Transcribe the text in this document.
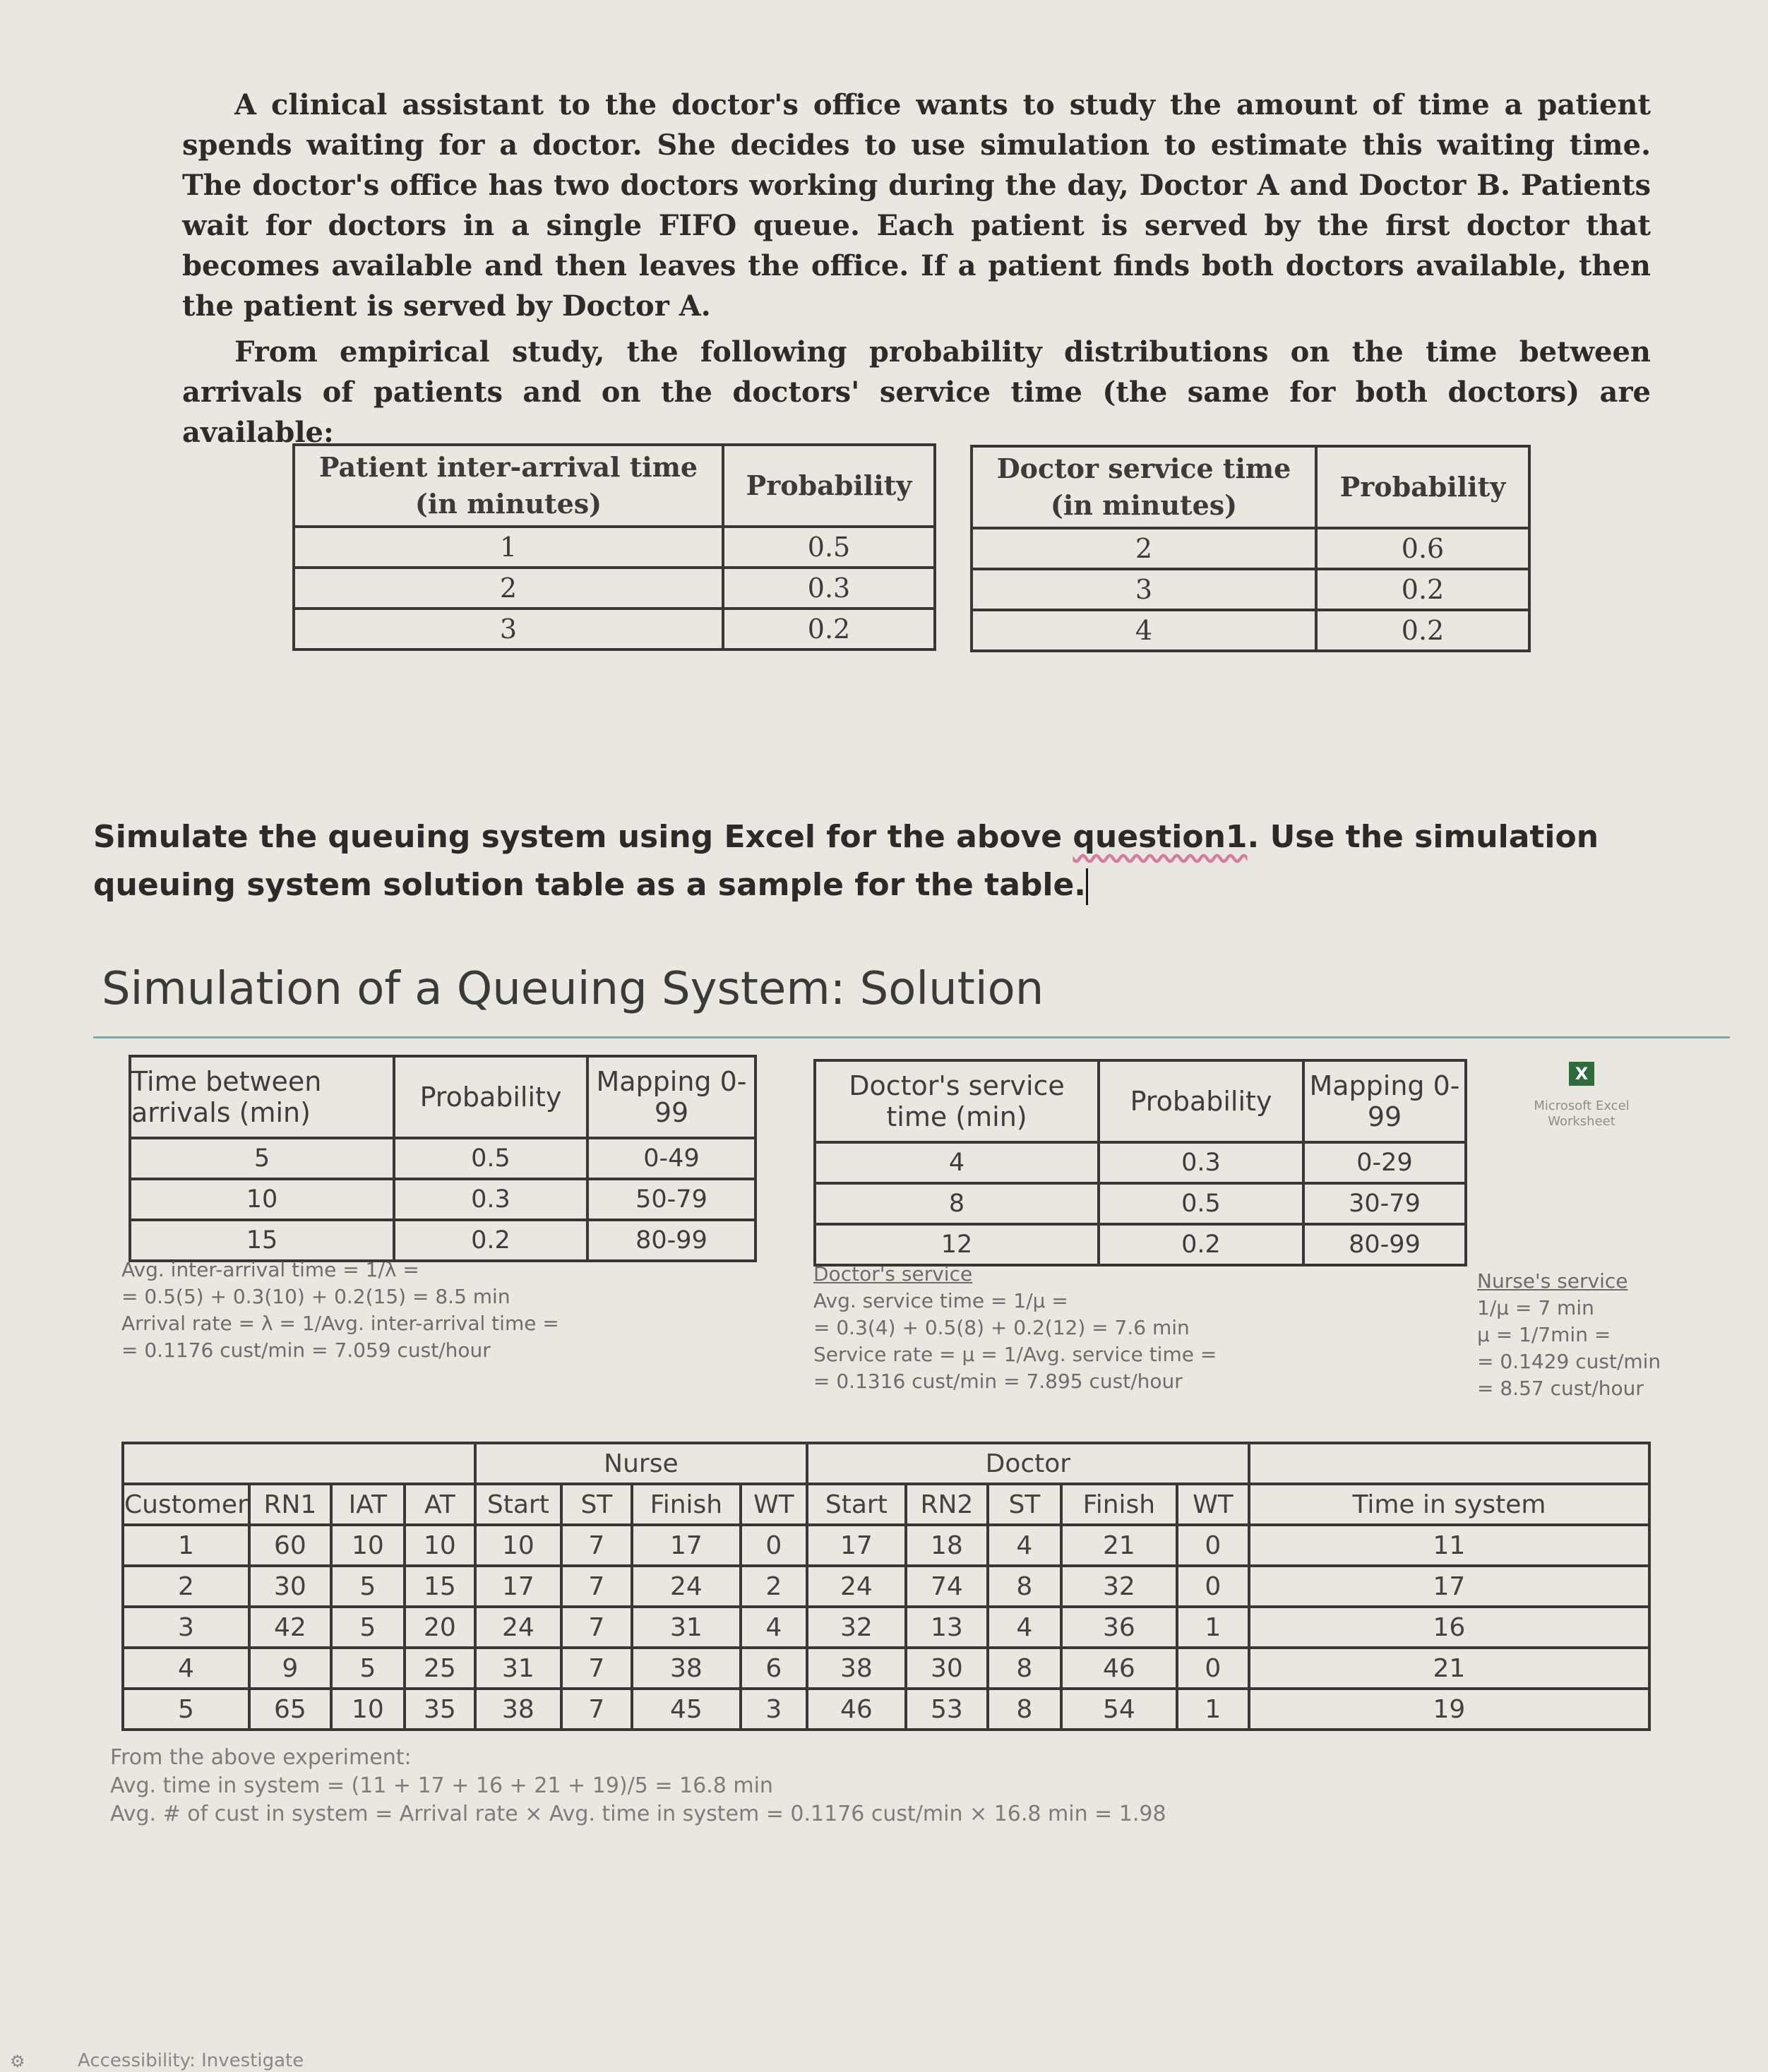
A clinical assistant to the doctor's office wants to study the amount of time a patient spends waiting for a doctor. She decides to use simulation to estimate this waiting time. The doctor's office has two doctors working during the day, Doctor A and Doctor B. Patients wait for doctors in a single FIFO queue. Each patient is served by the first doctor that becomes available and then leaves the office. If a patient finds both doctors available, then the patient is served by Doctor A.

From empirical study, the following probability distributions on the time between arrivals of patients and on the doctors' service time (the same for both doctors) are available:

Patient inter-arrival time (in minutes)	Probability
1	0.5
2	0.3
3	0.2
Doctor service time (in minutes)	Probability
2	0.6
3	0.2
4	0.2
Simulate the queuing system using Excel for the above question1. Use the simulation
queuing system solution table as a sample for the table.
Simulation of a Queuing System: Solution
Time between arrivals (min)	Probability	Mapping 0-99
5	0.5	0-49
10	0.3	50-79
15	0.2	80-99
Doctor's service time (min)	Probability	Mapping 0-99
4	0.3	0-29
8	0.5	30-79
12	0.2	80-99
X
Microsoft Excel Worksheet
Avg. inter-arrival time = 1/λ =
= 0.5(5) + 0.3(10) + 0.2(15) = 8.5 min
Arrival rate = λ = 1/Avg. inter-arrival time =
= 0.1176 cust/min = 7.059 cust/hour
Doctor's service
Avg. service time = 1/μ =
= 0.3(4) + 0.5(8) + 0.2(12) = 7.6 min
Service rate = μ = 1/Avg. service time =
= 0.1316 cust/min = 7.895 cust/hour
Nurse's service
1/μ = 7 min
μ = 1/7min =
= 0.1429 cust/min
= 8.57 cust/hour
				Nurse				Doctor					
Customer	RN1	IAT	AT	Start	ST	Finish	WT	Start	RN2	ST	Finish	WT	Time in system
1	60	10	10	10	7	17	0	17	18	4	21	0	11
2	30	5	15	17	7	24	2	24	74	8	32	0	17
3	42	5	20	24	7	31	4	32	13	4	36	1	16
4	9	5	25	31	7	38	6	38	30	8	46	0	21
5	65	10	35	38	7	45	3	46	53	8	54	1	19
From the above experiment:
Avg. time in system = (11 + 17 + 16 + 21 + 19)/5 = 16.8 min
Avg. # of cust in system = Arrival rate × Avg. time in system = 0.1176 cust/min × 16.8 min = 1.98
⚙	Accessibility: Investigate
